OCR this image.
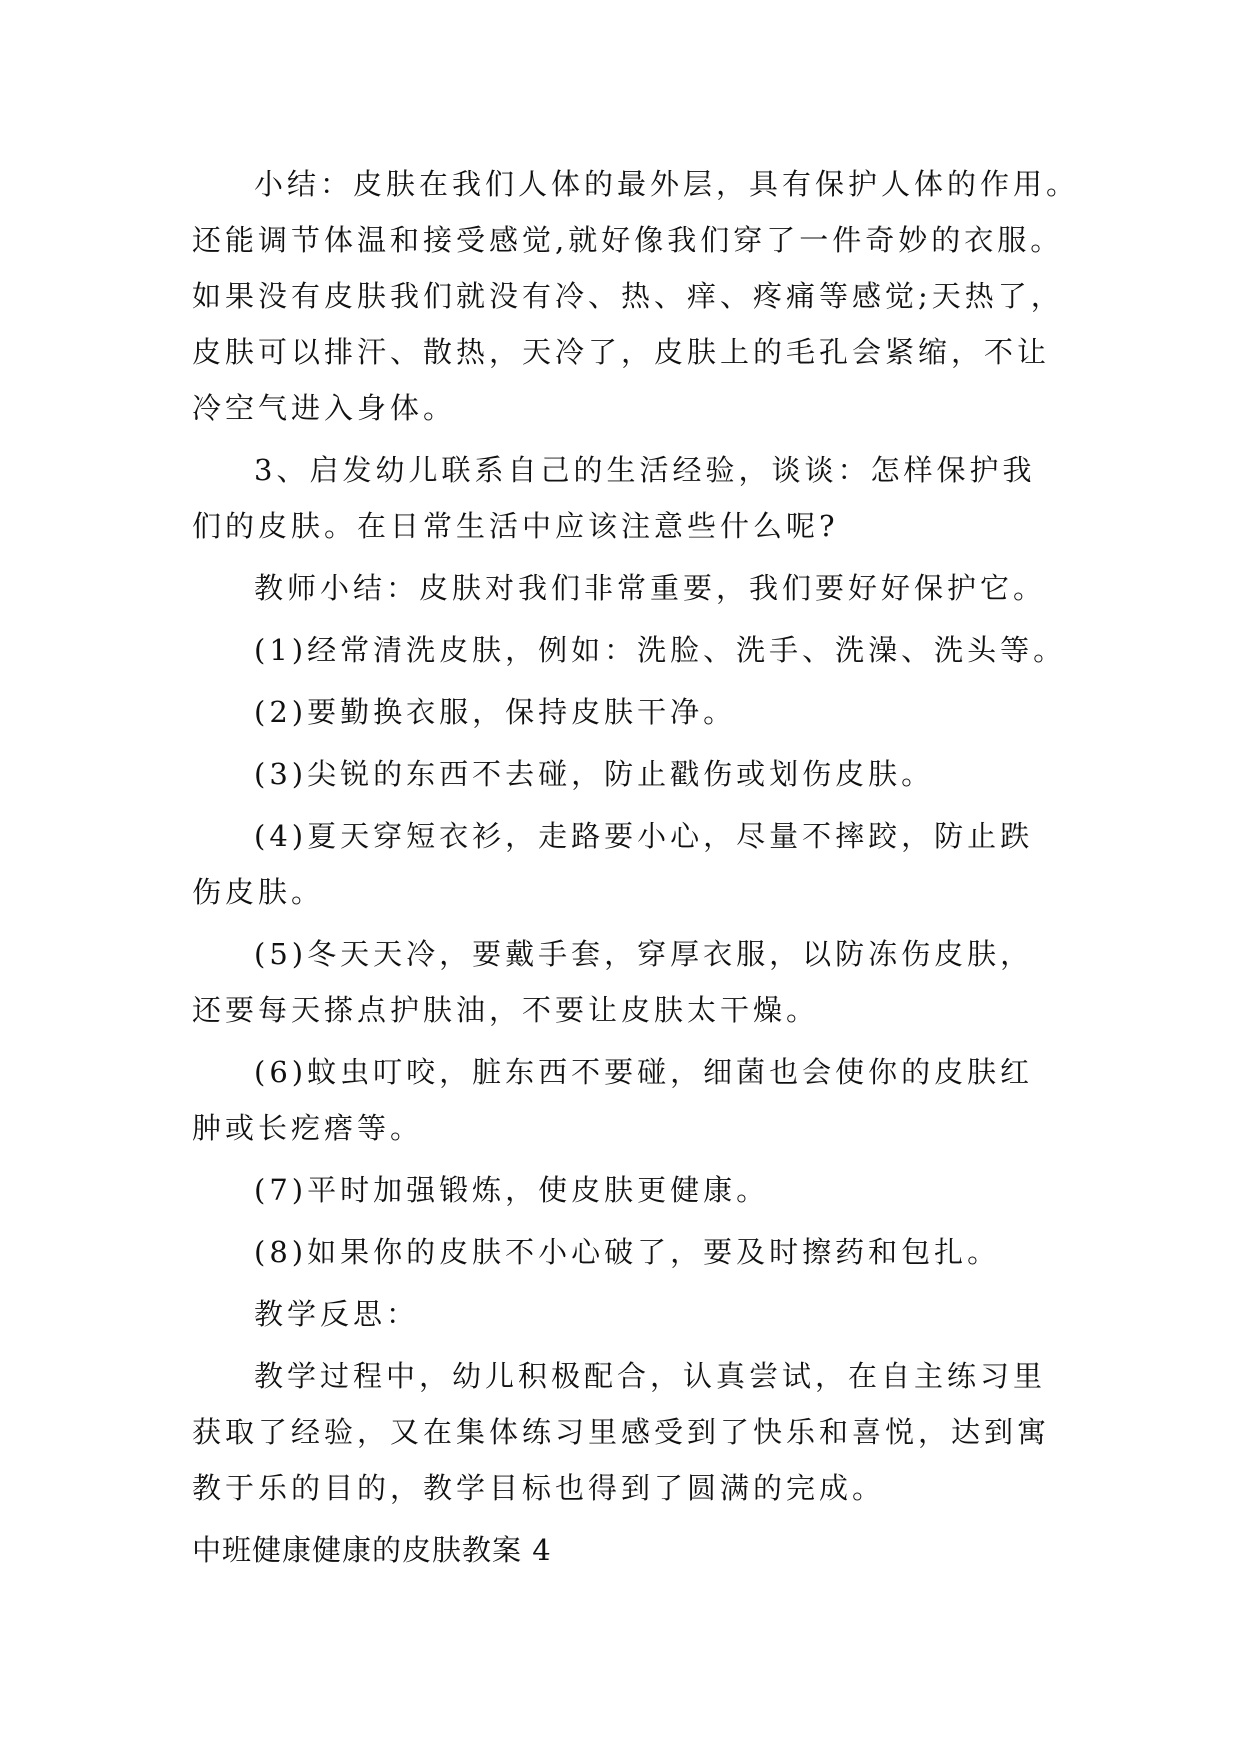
小结：皮肤在我们人体的最外层，具有保护人体的作用。
还能调节体温和接受感觉,就好像我们穿了一件奇妙的衣服。
如果没有皮肤我们就没有冷、热、痒、疼痛等感觉;天热了，
皮肤可以排汗、散热，天冷了，皮肤上的毛孔会紧缩，不让
冷空气进入身体。
3、启发幼儿联系自己的生活经验，谈谈：怎样保护我
们的皮肤。在日常生活中应该注意些什么呢?
教师小结：皮肤对我们非常重要，我们要好好保护它。
(1)经常清洗皮肤，例如：洗脸、洗手、洗澡、洗头等。
(2)要勤换衣服，保持皮肤干净。
(3)尖锐的东西不去碰，防止戳伤或划伤皮肤。
(4)夏天穿短衣衫，走路要小心，尽量不摔跤，防止跌
伤皮肤。
(5)冬天天冷，要戴手套，穿厚衣服，以防冻伤皮肤，
还要每天搽点护肤油，不要让皮肤太干燥。
(6)蚊虫叮咬，脏东西不要碰，细菌也会使你的皮肤红
肿或长疙瘩等。
(7)平时加强锻炼，使皮肤更健康。
(8)如果你的皮肤不小心破了，要及时擦药和包扎。
教学反思：
教学过程中，幼儿积极配合，认真尝试，在自主练习里
获取了经验，又在集体练习里感受到了快乐和喜悦，达到寓
教于乐的目的，教学目标也得到了圆满的完成。
中班健康健康的皮肤教案 4
